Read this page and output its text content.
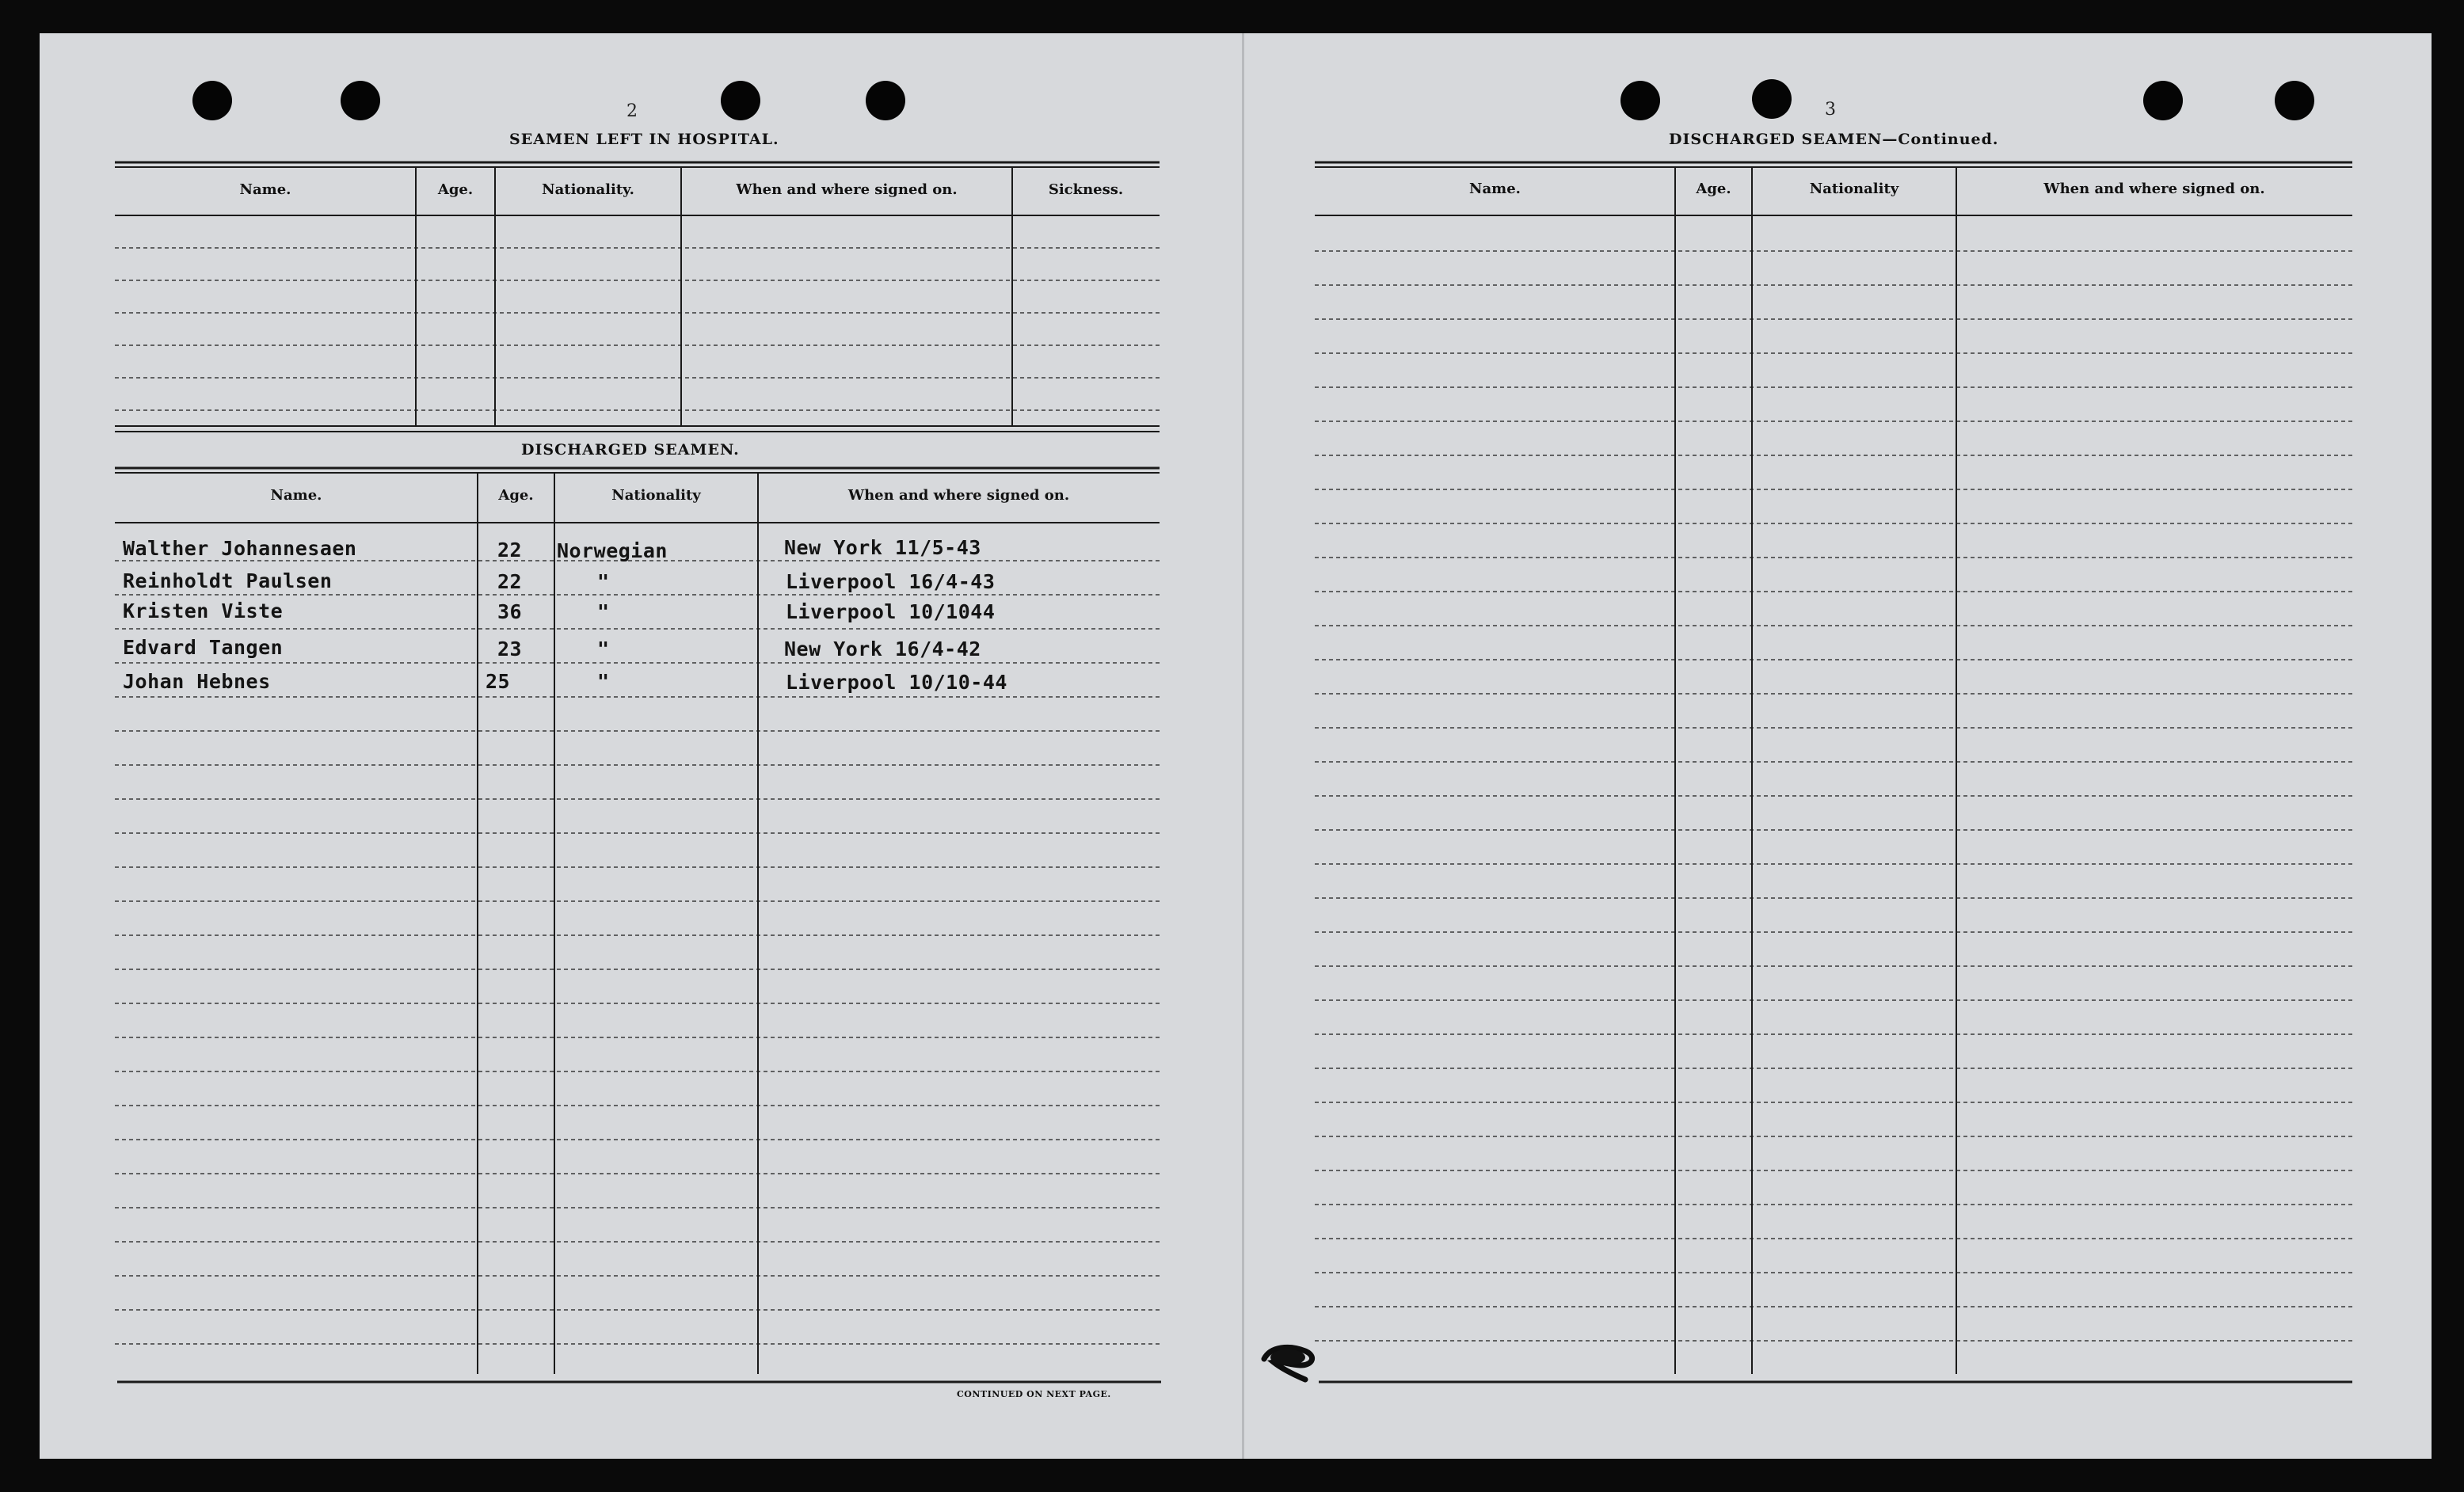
2
SEAMEN LEFT IN HOSPITAL.
Name.	Age.	Nationality.	When and where signed on.	Sickness.
DISCHARGED SEAMEN.
Name.	Age.	Nationality	When and where signed on.
Walther Johannesaen	22 Norwegian	New York 11/5-43
Reinholdt Paulsen	22	"	Liverpool 16/4-43
Kristen Viste	36	"	Liverpool 10/1044
Edvard Tangen	23	"	New York 16/4-42
Johan Hebnes	25	"	Liverpool 10/10-44
CONTINUED ON NEXT PAGE.
3
DISCHARGED SEAMEN—Continued.
Name.	Age.	Nationality	When and where signed on.
